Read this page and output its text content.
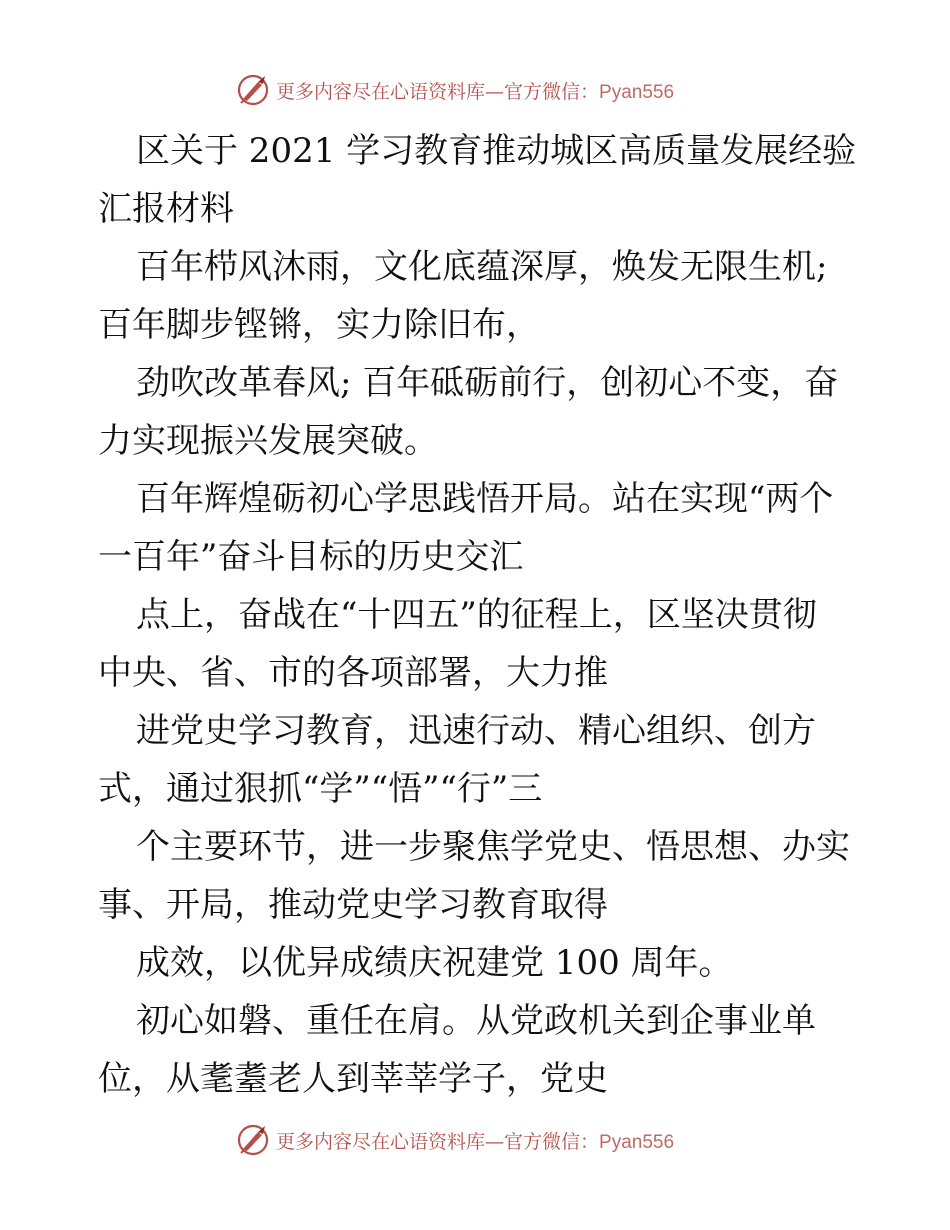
更多内容尽在心语资料库—官方微信：Pyan556
区关于 2021 学习教育推动城区高质量发展经验
汇报材料
百年栉风沐雨，文化底蕴深厚，焕发无限生机;
百年脚步铿锵，实力除旧布，
劲吹改革春风; 百年砥砺前行，创初心不变，奋
力实现振兴发展突破。
百年辉煌砺初心学思践悟开局。站在实现“两个
一百年”奋斗目标的历史交汇
点上，奋战在“十四五”的征程上，区坚决贯彻
中央、省、市的各项部署，大力推
进党史学习教育，迅速行动、精心组织、创方
式，通过狠抓“学”“悟”“行”三
个主要环节，进一步聚焦学党史、悟思想、办实
事、开局，推动党史学习教育取得
成效，以优异成绩庆祝建党 100 周年。
初心如磐、重任在肩。从党政机关到企事业单
位，从耄耋老人到莘莘学子，党史
更多内容尽在心语资料库—官方微信：Pyan556
